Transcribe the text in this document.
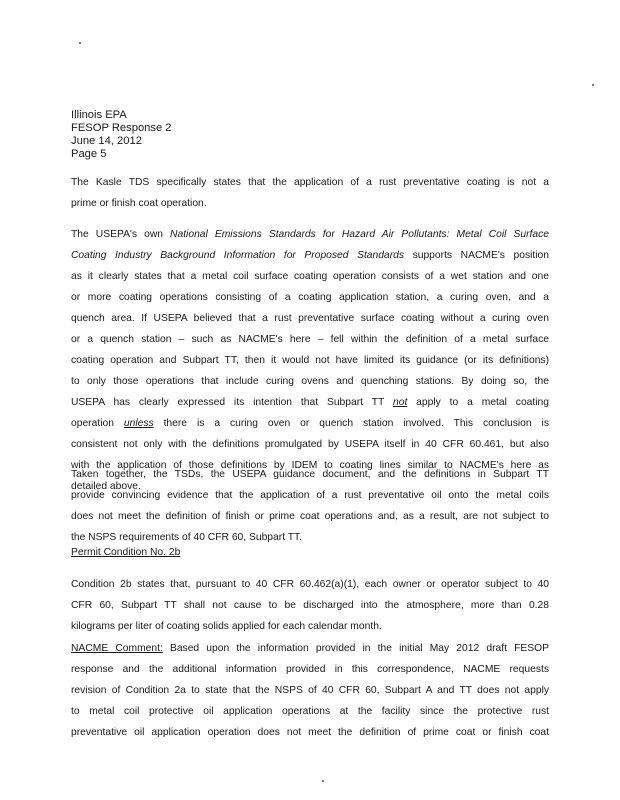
Illinois EPA
FESOP Response 2
June 14, 2012
Page 5
The Kasle TDS specifically states that the application of a rust preventative coating is not a
prime or finish coat operation.
The USEPA's own National Emissions Standards for Hazard Air Pollutants: Metal Coil Surface
Coating Industry Background Information for Proposed Standards supports NACME's position
as it clearly states that a metal coil surface coating operation consists of a wet station and one
or more coating operations consisting of a coating application station, a curing oven, and a
quench area. If USEPA believed that a rust preventative surface coating without a curing oven
or a quench station – such as NACME's here – fell within the definition of a metal surface
coating operation and Subpart TT, then it would not have limited its guidance (or its definitions)
to only those operations that include curing ovens and quenching stations. By doing so, the
USEPA has clearly expressed its intention that Subpart TT not apply to a metal coating
operation unless there is a curing oven or quench station involved. This conclusion is
consistent not only with the definitions promulgated by USEPA itself in 40 CFR 60.461, but also
with the application of those definitions by IDEM to coating lines similar to NACME's here as
detailed above.
Taken together, the TSDs, the USEPA guidance document, and the definitions in Subpart TT
provide convincing evidence that the application of a rust preventative oil onto the metal coils
does not meet the definition of finish or prime coat operations and, as a result, are not subject to
the NSPS requirements of 40 CFR 60, Subpart TT.
Permit Condition No. 2b
Condition 2b states that, pursuant to 40 CFR 60.462(a)(1), each owner or operator subject to 40
CFR 60, Subpart TT shall not cause to be discharged into the atmosphere, more than 0.28
kilograms per liter of coating solids applied for each calendar month.
NACME Comment: Based upon the information provided in the initial May 2012 draft FESOP
response and the additional information provided in this correspondence, NACME requests
revision of Condition 2a to state that the NSPS of 40 CFR 60, Subpart A and TT does not apply
to metal coil protective oil application operations at the facility since the protective rust
preventative oil application operation does not meet the definition of prime coat or finish coat
